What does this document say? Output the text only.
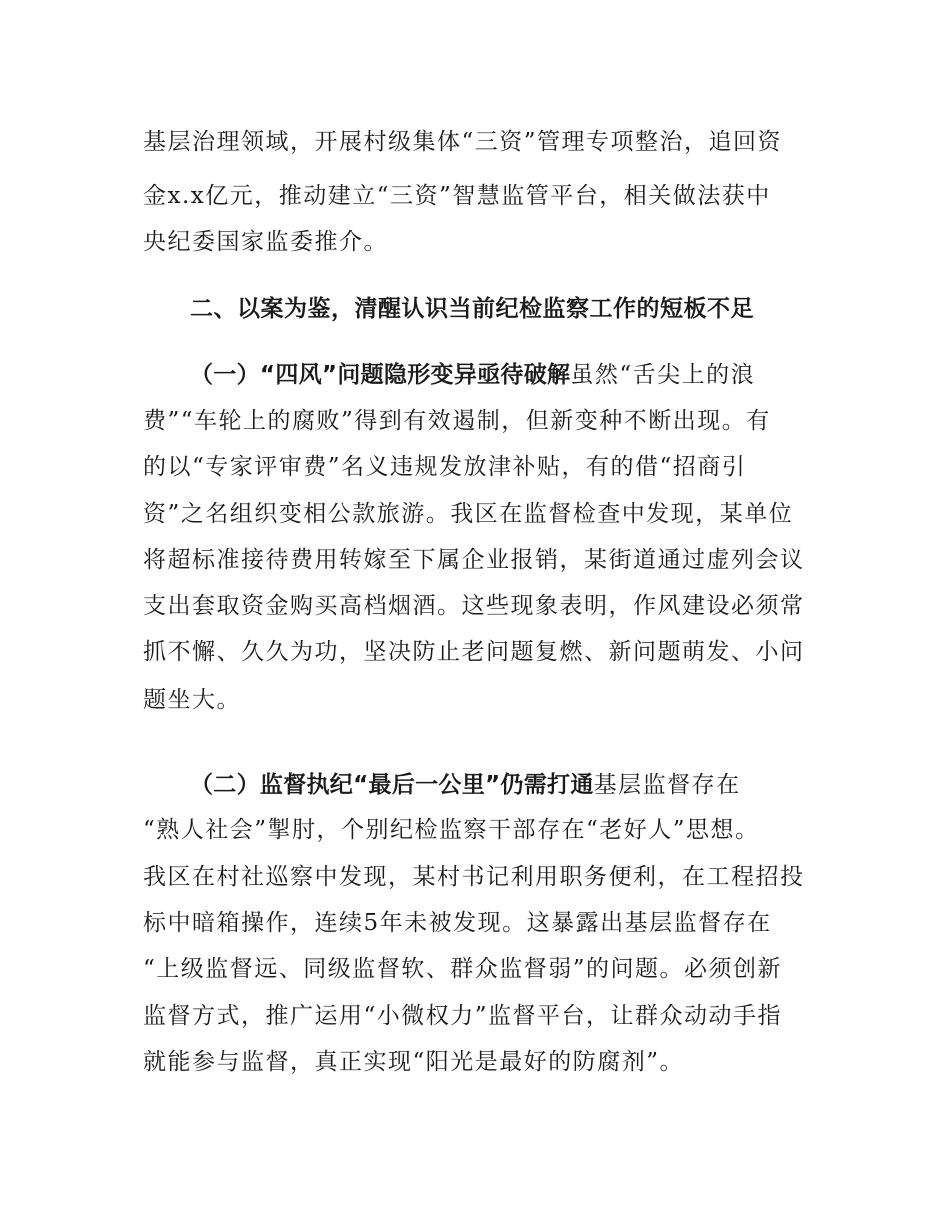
基层治理领域，开展村级集体“三资”管理专项整治，追回资
金x.x亿元，推动建立“三资”智慧监管平台，相关做法获中
央纪委国家监委推介。
二、以案为鉴，清醒认识当前纪检监察工作的短板不足
（一）“四风”问题隐形变异亟待破解虽然“舌尖上的浪
费”“车轮上的腐败”得到有效遏制，但新变种不断出现。有
的以“专家评审费”名义违规发放津补贴，有的借“招商引
资”之名组织变相公款旅游。我区在监督检查中发现，某单位
将超标准接待费用转嫁至下属企业报销，某街道通过虚列会议
支出套取资金购买高档烟酒。这些现象表明，作风建设必须常
抓不懈、久久为功，坚决防止老问题复燃、新问题萌发、小问
题坐大。
（二）监督执纪“最后一公里”仍需打通基层监督存在
“熟人社会”掣肘，个别纪检监察干部存在“老好人”思想。
我区在村社巡察中发现，某村书记利用职务便利，在工程招投
标中暗箱操作，连续5年未被发现。这暴露出基层监督存在
“上级监督远、同级监督软、群众监督弱”的问题。必须创新
监督方式，推广运用“小微权力”监督平台，让群众动动手指
就能参与监督，真正实现“阳光是最好的防腐剂”。
